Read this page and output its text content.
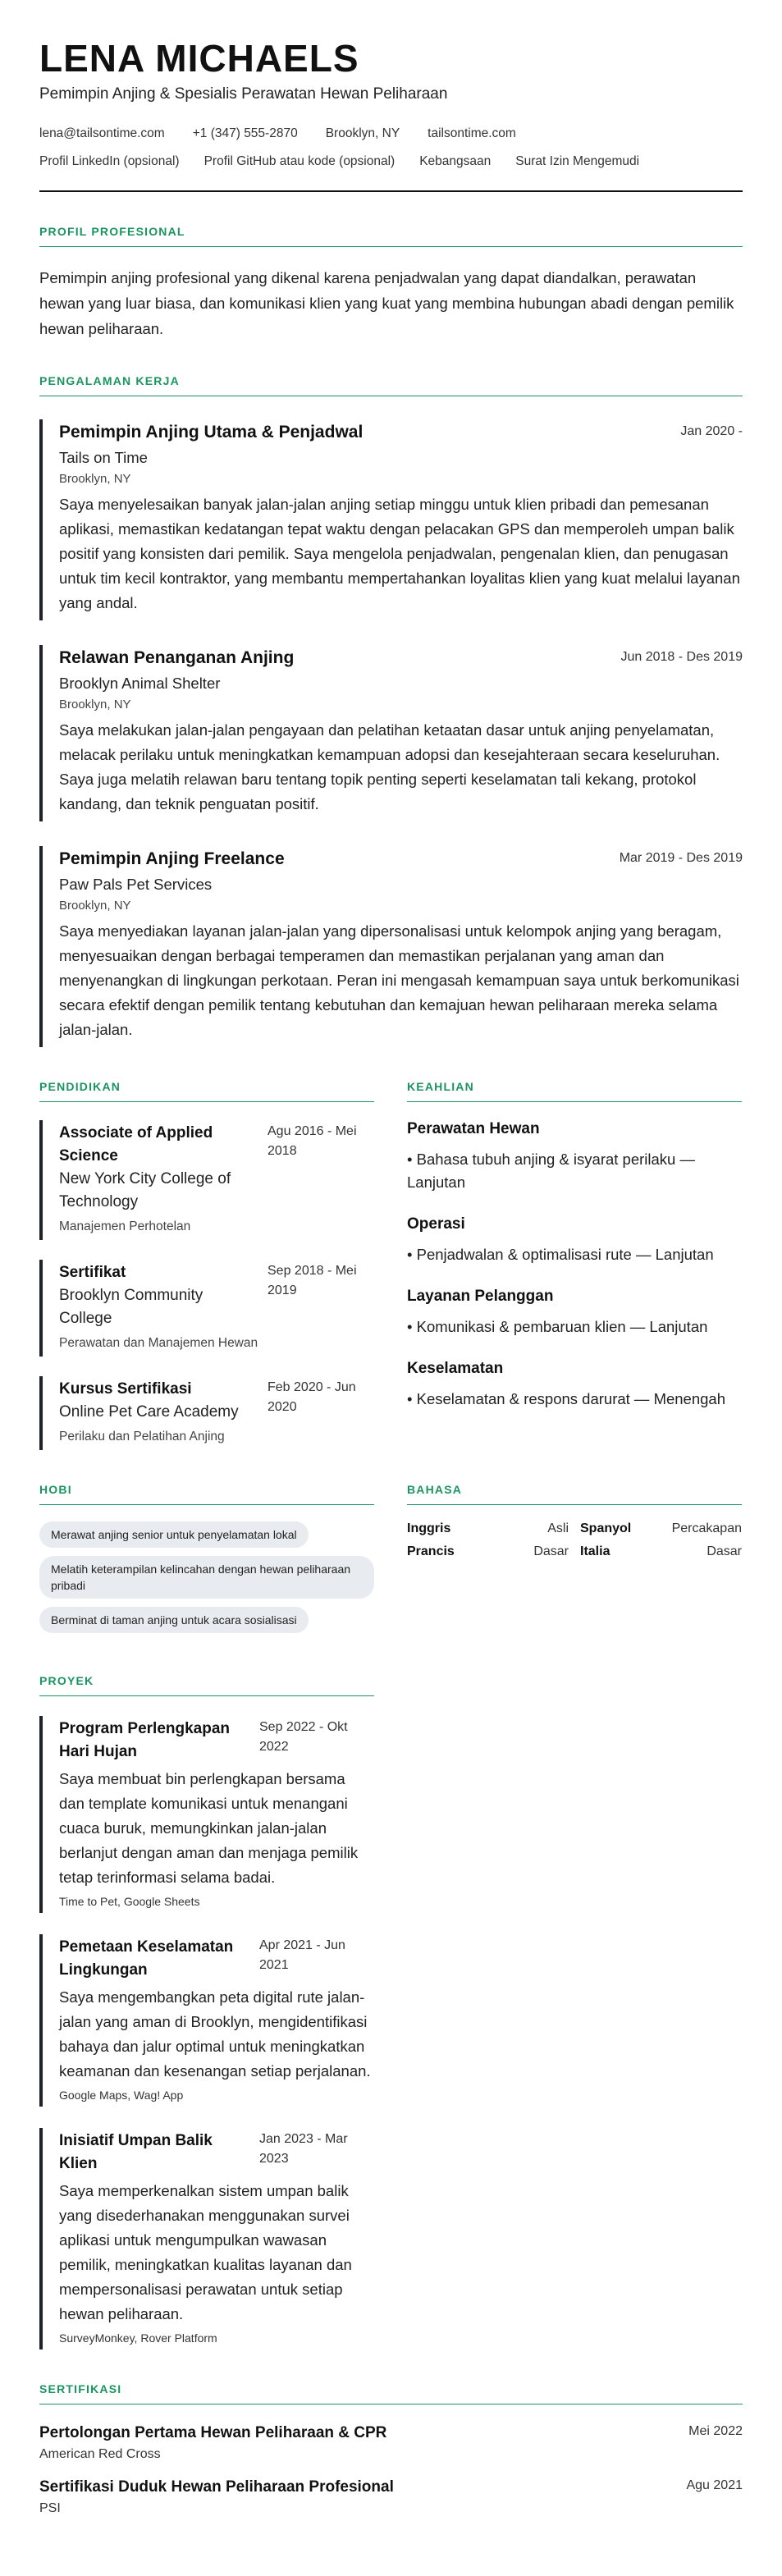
LENA MICHAELS
Pemimpin Anjing & Spesialis Perawatan Hewan Peliharaan
lena@tailsontime.com +1 (347) 555-2870 Brooklyn, NY tailsontime.com
Profil LinkedIn (opsional) Profil GitHub atau kode (opsional) Kebangsaan Surat Izin Mengemudi
PROFIL PROFESIONAL

Pemimpin anjing profesional yang dikenal karena penjadwalan yang dapat diandalkan, perawatan hewan yang luar biasa, dan komunikasi klien yang kuat yang membina hubungan abadi dengan pemilik hewan peliharaan.

PENGALAMAN KERJA
Pemimpin Anjing Utama & Penjadwal	Jan 2020 -
Tails on Time
Brooklyn, NY

Saya menyelesaikan banyak jalan-jalan anjing setiap minggu untuk klien pribadi dan pemesanan aplikasi, memastikan kedatangan tepat waktu dengan pelacakan GPS dan memperoleh umpan balik positif yang konsisten dari pemilik. Saya mengelola penjadwalan, pengenalan klien, dan penugasan untuk tim kecil kontraktor, yang membantu mempertahankan loyalitas klien yang kuat melalui layanan yang andal.

Relawan Penanganan Anjing	Jun 2018 - Des 2019
Brooklyn Animal Shelter
Brooklyn, NY

Saya melakukan jalan-jalan pengayaan dan pelatihan ketaatan dasar untuk anjing penyelamatan, melacak perilaku untuk meningkatkan kemampuan adopsi dan kesejahteraan secara keseluruhan. Saya juga melatih relawan baru tentang topik penting seperti keselamatan tali kekang, protokol kandang, dan teknik penguatan positif.

Pemimpin Anjing Freelance	Mar 2019 - Des 2019
Paw Pals Pet Services
Brooklyn, NY

Saya menyediakan layanan jalan-jalan yang dipersonalisasi untuk kelompok anjing yang beragam, menyesuaikan dengan berbagai temperamen dan memastikan perjalanan yang aman dan menyenangkan di lingkungan perkotaan. Peran ini mengasah kemampuan saya untuk berkomunikasi secara efektif dengan pemilik tentang kebutuhan dan kemajuan hewan peliharaan mereka selama jalan-jalan.

PENDIDIKAN
Associate of Applied Science
New York City College of Technology
Agu 2016 - Mei 2018
Manajemen Perhotelan
Sertifikat
Brooklyn Community College
Sep 2018 - Mei 2019
Perawatan dan Manajemen Hewan
Kursus Sertifikasi
Online Pet Care Academy
Feb 2020 - Jun 2020
Perilaku dan Pelatihan Anjing
KEAHLIAN
Perawatan Hewan
• Bahasa tubuh anjing & isyarat perilaku — Lanjutan
Operasi
• Penjadwalan & optimalisasi rute — Lanjutan
Layanan Pelanggan
• Komunikasi & pembaruan klien — Lanjutan
Keselamatan
• Keselamatan & respons darurat — Menengah
HOBI
Merawat anjing senior untuk penyelamatan lokal
Melatih keterampilan kelincahan dengan hewan peliharaan pribadi
Berminat di taman anjing untuk acara sosialisasi
BAHASA
Inggris	Asli Spanyol	Percakapan
Prancis	Dasar Italia	Dasar
PROYEK
Program Perlengkapan Hari Hujan
Sep 2022 - Okt 2022

Saya membuat bin perlengkapan bersama dan template komunikasi untuk menangani cuaca buruk, memungkinkan jalan-jalan berlanjut dengan aman dan menjaga pemilik tetap terinformasi selama badai.

Time to Pet, Google Sheets
Pemetaan Keselamatan Lingkungan
Apr 2021 - Jun 2021

Saya mengembangkan peta digital rute jalan-jalan yang aman di Brooklyn, mengidentifikasi bahaya dan jalur optimal untuk meningkatkan keamanan dan kesenangan setiap perjalanan.

Google Maps, Wag! App
Inisiatif Umpan Balik Klien
Jan 2023 - Mar 2023

Saya memperkenalkan sistem umpan balik yang disederhanakan menggunakan survei aplikasi untuk mengumpulkan wawasan pemilik, meningkatkan kualitas layanan dan mempersonalisasi perawatan untuk setiap hewan peliharaan.

SurveyMonkey, Rover Platform
SERTIFIKASI
Pertolongan Pertama Hewan Peliharaan & CPR	Mei 2022
American Red Cross
Sertifikasi Duduk Hewan Peliharaan Profesional	Agu 2021
PSI
